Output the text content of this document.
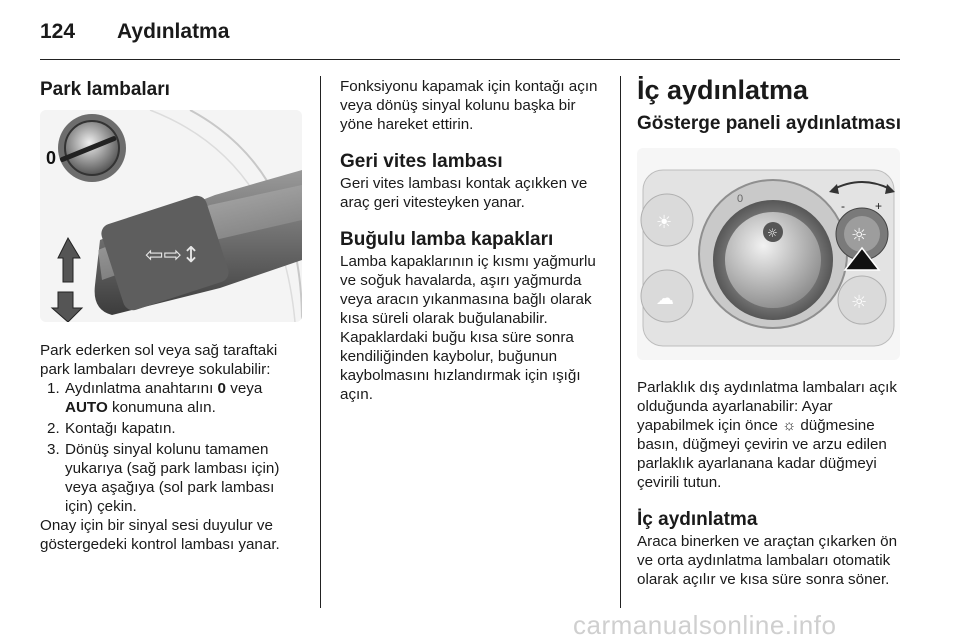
124 Aydınlatma
Park lambaları
0
⇦⇨↕

Park ederken sol veya sağ taraftaki park lambaları devreye sokulabilir:

1. Aydınlatma anahtarını 0 veya AUTO konumuna alın.
2. Kontağı kapatın.
3. Dönüş sinyal kolunu tamamen yukarıya (sağ park lambası için) veya aşağıya (sol park lambası için) çekin.

Onay için bir sinyal sesi duyulur ve göstergedeki kontrol lambası yanar.

Fonksiyonu kapamak için kontağı açın veya dönüş sinyal kolunu başka bir yöne hareket ettirin.

Geri vites lambası

Geri vites lambası kontak açıkken ve araç geri vitesteyken yanar.

Buğulu lamba kapakları

Lamba kapaklarının iç kısmı yağmurlu ve soğuk havalarda, aşırı yağmurda veya aracın yıkanmasına bağlı olarak kısa süreli olarak buğulanabilir. Kapaklardaki buğu kısa süre sonra kendiliğinden kaybolur, buğunun kaybolmasını hızlandırmak için ışığı açın.

İç aydınlatma
Gösterge paneli aydınlatması
☀
☁
☼
0
☼
-	+
☼

Parlaklık dış aydınlatma lambaları açık olduğunda ayarlanabilir: Ayar yapabilmek için önce ☼ düğmesine basın, düğmeyi çevirin ve arzu edilen parlaklık ayarlanana kadar düğmeyi çevirili tutun.

İç aydınlatma

Araca binerken ve araçtan çıkarken ön ve orta aydınlatma lambaları otomatik olarak açılır ve kısa süre sonra söner.

carmanualsonline.info
